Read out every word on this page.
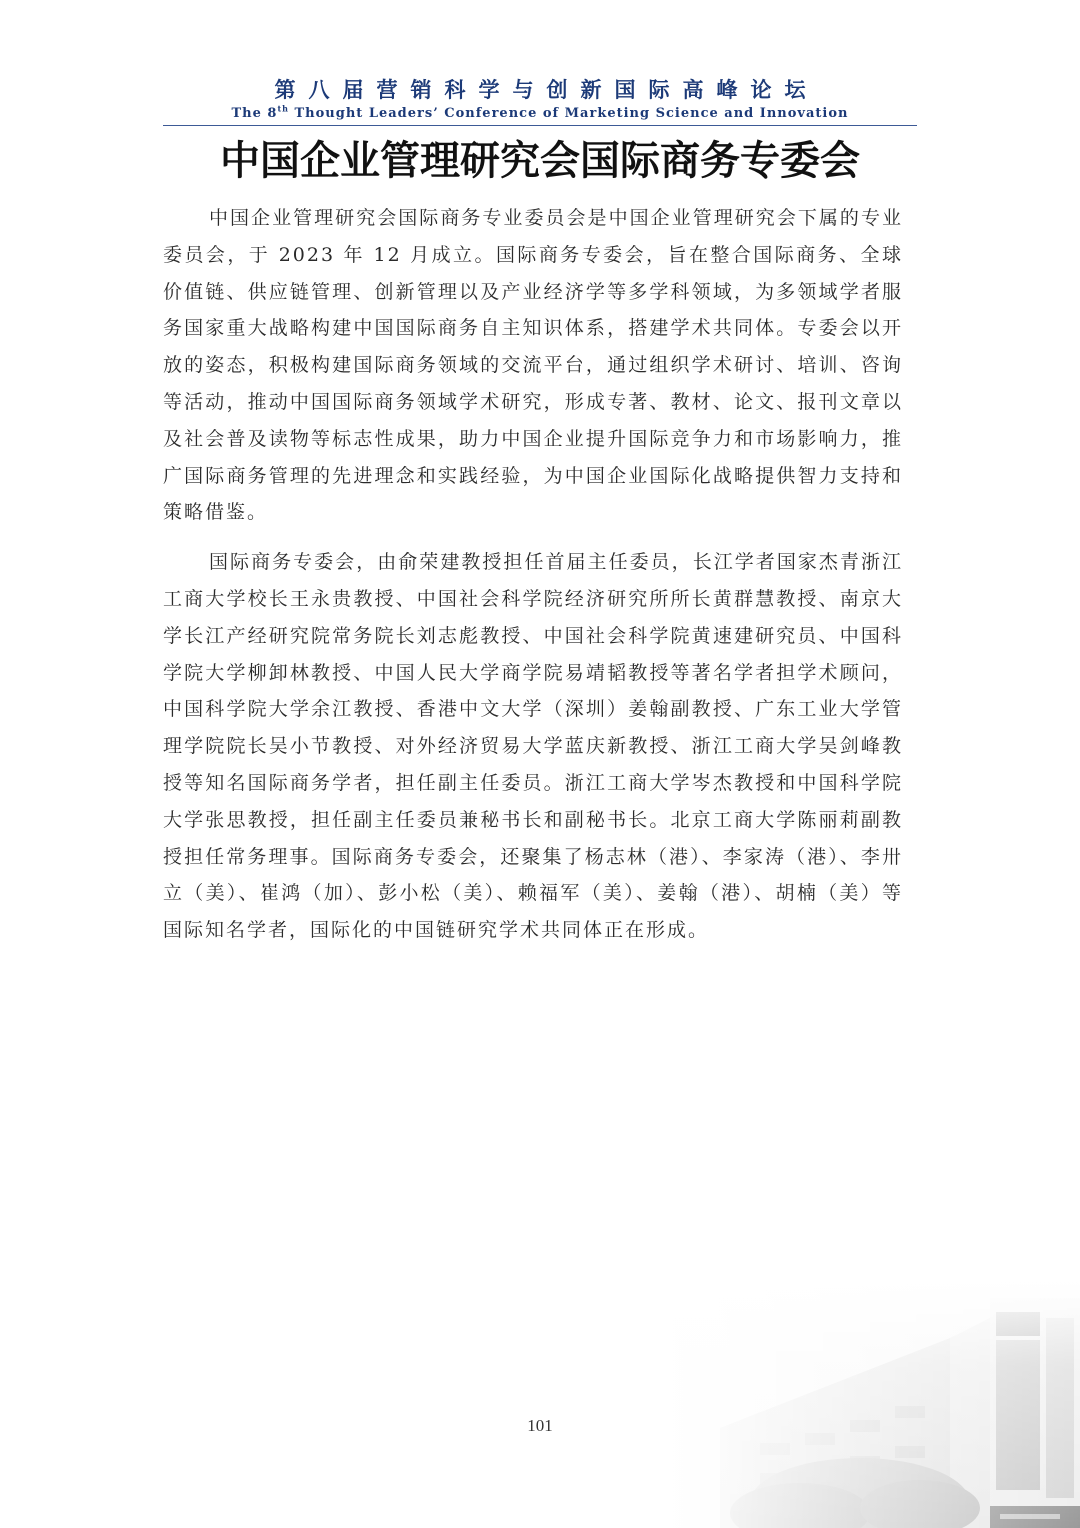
第八届营销科学与创新国际高峰论坛
The 8th Thought Leaders’ Conference of Marketing Science and Innovation
中国企业管理研究会国际商务专委会

中国企业管理研究会国际商务专业委员会是中国企业管理研究会下属的专业委员会，于 2023 年 12 月成立。国际商务专委会，旨在整合国际商务、全球价值链、供应链管理、创新管理以及产业经济学等多学科领域，为多领域学者服务国家重大战略构建中国国际商务自主知识体系，搭建学术共同体。专委会以开放的姿态，积极构建国际商务领域的交流平台，通过组织学术研讨、培训、咨询等活动，推动中国国际商务领域学术研究，形成专著、教材、论文、报刊文章以及社会普及读物等标志性成果，助力中国企业提升国际竞争力和市场影响力，推广国际商务管理的先进理念和实践经验，为中国企业国际化战略提供智力支持和策略借鉴。

国际商务专委会，由俞荣建教授担任首届主任委员，长江学者国家杰青浙江工商大学校长王永贵教授、中国社会科学院经济研究所所长黄群慧教授、南京大学长江产经研究院常务院长刘志彪教授、中国社会科学院黄速建研究员、中国科学院大学柳卸林教授、中国人民大学商学院易靖韬教授等著名学者担学术顾问，中国科学院大学余江教授、香港中文大学（深圳）姜翰副教授、广东工业大学管理学院院长吴小节教授、对外经济贸易大学蓝庆新教授、浙江工商大学吴剑峰教授等知名国际商务学者，担任副主任委员。浙江工商大学岑杰教授和中国科学院大学张思教授，担任副主任委员兼秘书长和副秘书长。北京工商大学陈丽莉副教授担任常务理事。国际商务专委会，还聚集了杨志林（港）、李家涛（港）、李卅立（美）、崔鸿（加）、彭小松（美）、赖福军（美）、姜翰（港）、胡楠（美）等国际知名学者，国际化的中国链研究学术共同体正在形成。

101
